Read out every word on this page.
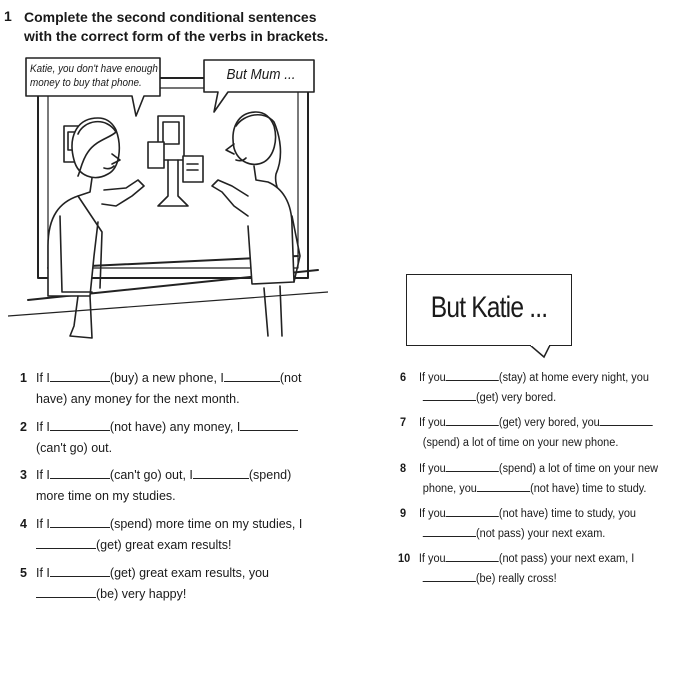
1 Complete the second conditional sentences with the correct form of the verbs in brackets.
Katie, you don't have enough
money to buy that phone.	But Mum ...
But Katie ...
1 If I	(buy) a new phone, I	(not
have) any money for the next month.
2 If I	(not have) any money, I
(can't go) out.
3 If I	(can't go) out, I	(spend)
more time on my studies.
4 If I	(spend) more time on my studies, I
(get) great exam results!
5 If I	(get) great exam results, you
(be) very happy!
6 If you	(stay) at home every night, you
(get) very bored.
7 If you	(get) very bored, you
(spend) a lot of time on your new phone.
8 If you	(spend) a lot of time on your new
phone, you	(not have) time to study.
9 If you	(not have) time to study, you
(not pass) your next exam.
10 If you	(not pass) your next exam, I
(be) really cross!
